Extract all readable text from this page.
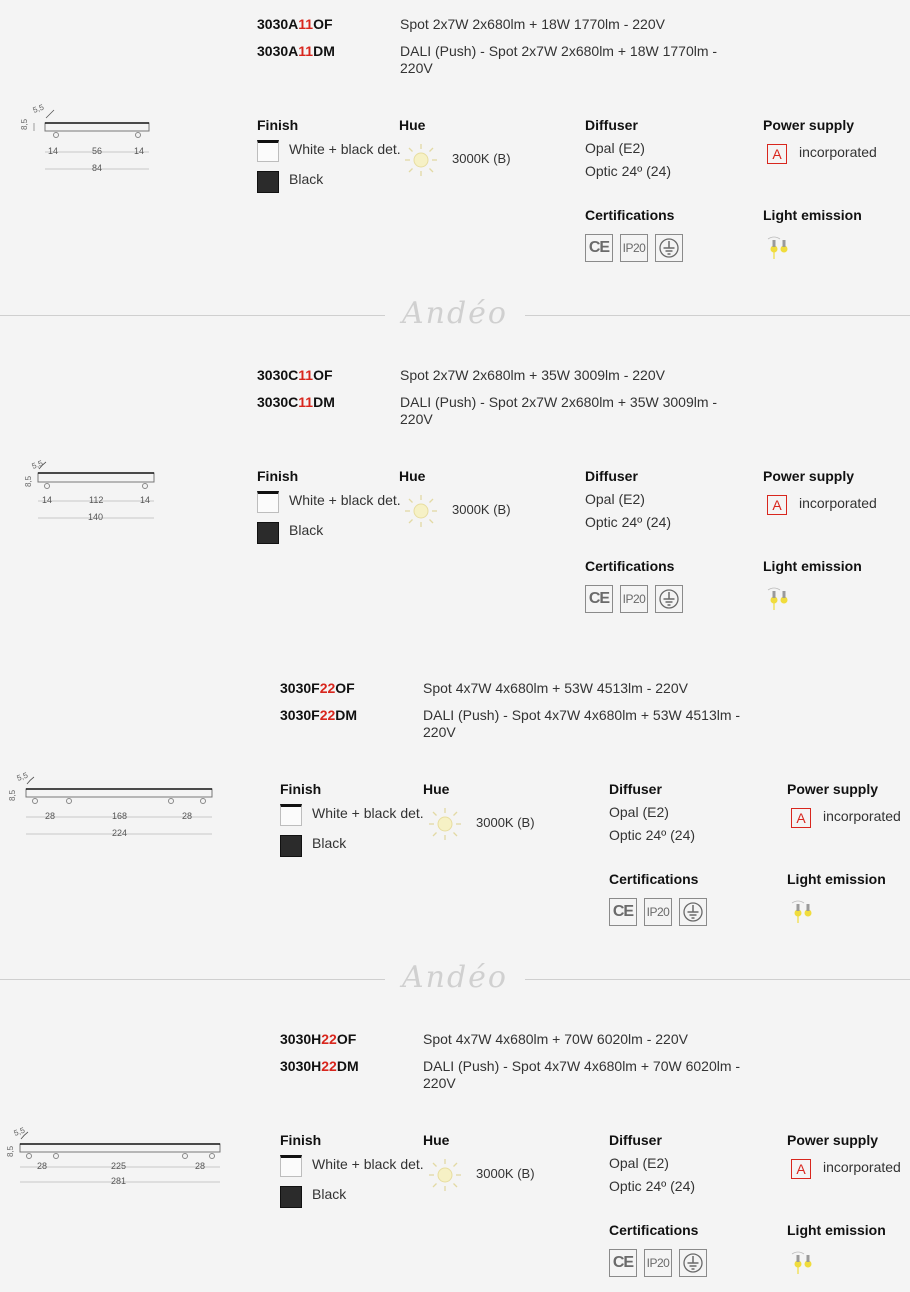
3030A11OF	Spot 2x7W 2x680lm + 18W 1770lm - 220V
3030A11DM	DALI (Push) - Spot 2x7W 2x680lm + 18W 1770lm - 220V
8,5
5,5
14	56	14
84
Finish
White + black det.
Black
Hue
3000K (B)
Diffuser
Opal (E2)
Optic 24º (24)
Power supply
A	incorporated
Certifications
CE	IP20
Light emission
Andéo
3030C11OF	Spot 2x7W 2x680lm + 35W 3009lm - 220V
3030C11DM	DALI (Push) - Spot 2x7W 2x680lm + 35W 3009lm - 220V
8,5
5,5
14	112	14
140
Finish
White + black det.
Black
Hue
3000K (B)
Diffuser
Opal (E2)
Optic 24º (24)
Power supply
A	incorporated
Certifications
CE	IP20
Light emission
3030F22OF	Spot 4x7W 4x680lm + 53W 4513lm - 220V
3030F22DM	DALI (Push) - Spot 4x7W 4x680lm + 53W 4513lm - 220V
8,5
5,5
28	168	28
224
Finish
White + black det.
Black
Hue
3000K (B)
Diffuser
Opal (E2)
Optic 24º (24)
Power supply
A	incorporated
Certifications
CE	IP20
Light emission
Andéo
3030H22OF	Spot 4x7W 4x680lm + 70W 6020lm - 220V
3030H22DM	DALI (Push) - Spot 4x7W 4x680lm + 70W 6020lm - 220V
8,5
5,5
28	225	28
281
Finish
White + black det.
Black
Hue
3000K (B)
Diffuser
Opal (E2)
Optic 24º (24)
Power supply
A	incorporated
Certifications
CE	IP20
Light emission
